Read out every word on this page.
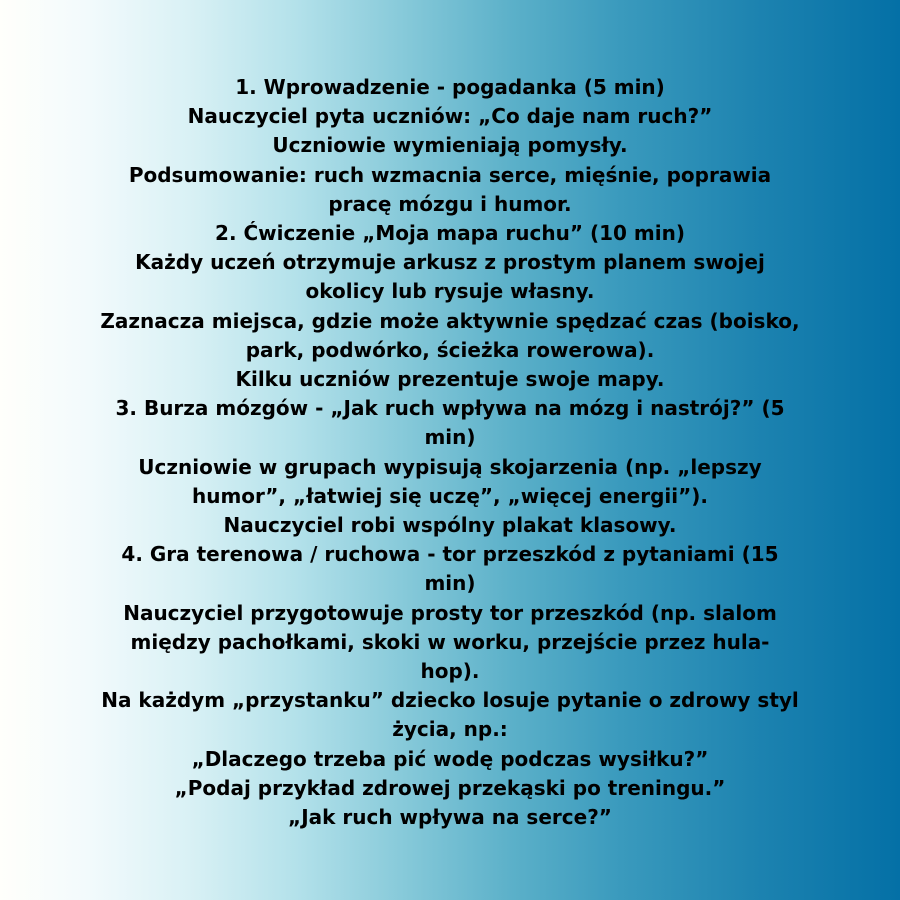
1. Wprowadzenie - pogadanka (5 min)
Nauczyciel pyta uczniów: „Co daje nam ruch?”
Uczniowie wymieniają pomysły.
Podsumowanie: ruch wzmacnia serce, mięśnie, poprawia
pracę mózgu i humor.
2. Ćwiczenie „Moja mapa ruchu” (10 min)
Każdy uczeń otrzymuje arkusz z prostym planem swojej
okolicy lub rysuje własny.
Zaznacza miejsca, gdzie może aktywnie spędzać czas (boisko,
park, podwórko, ścieżka rowerowa).
Kilku uczniów prezentuje swoje mapy.
3. Burza mózgów - „Jak ruch wpływa na mózg i nastrój?” (5
min)
Uczniowie w grupach wypisują skojarzenia (np. „lepszy
humor”, „łatwiej się uczę”, „więcej energii”).
Nauczyciel robi wspólny plakat klasowy.
4. Gra terenowa / ruchowa - tor przeszkód z pytaniami (15
min)
Nauczyciel przygotowuje prosty tor przeszkód (np. slalom
między pachołkami, skoki w worku, przejście przez hula-
hop).
Na każdym „przystanku” dziecko losuje pytanie o zdrowy styl
życia, np.:
„Dlaczego trzeba pić wodę podczas wysiłku?”
„Podaj przykład zdrowej przekąski po treningu.”
„Jak ruch wpływa na serce?”
